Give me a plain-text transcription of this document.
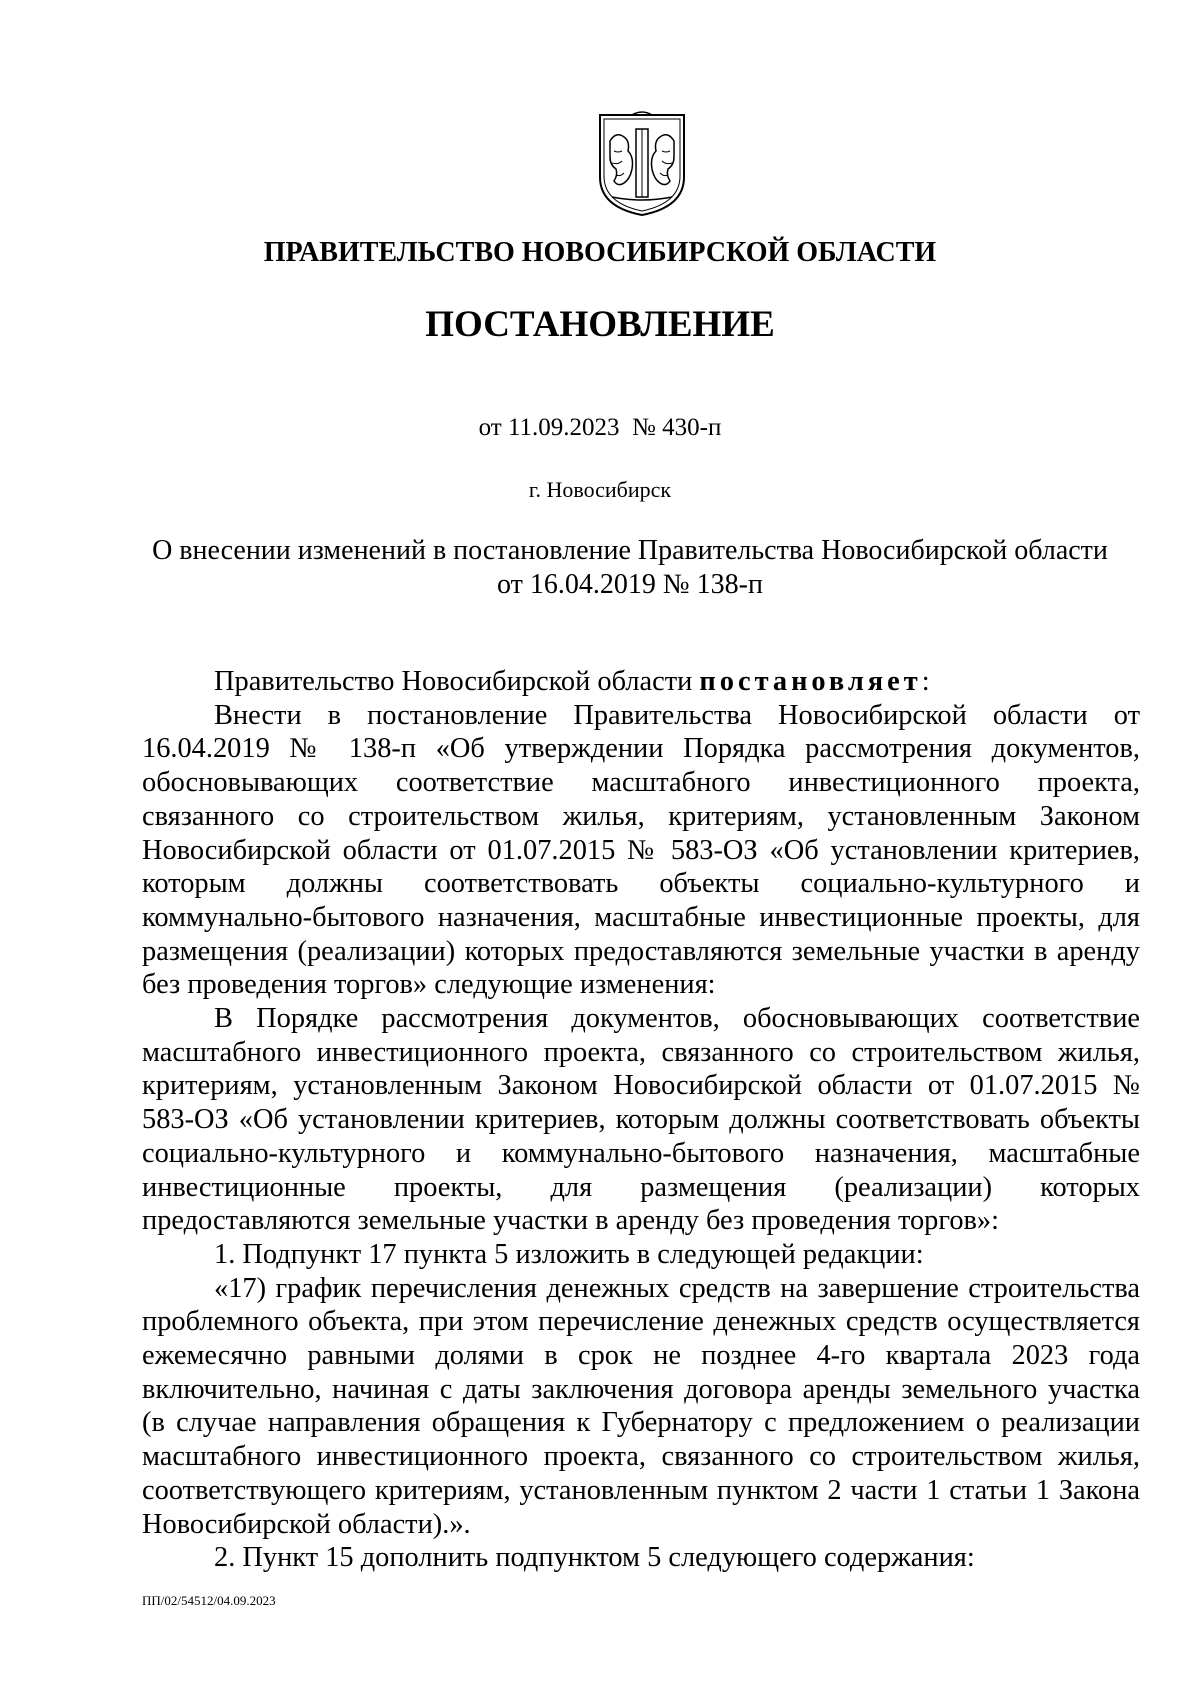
ПРАВИТЕЛЬСТВО НОВОСИБИРСКОЙ ОБЛАСТИ
ПОСТАНОВЛЕНИЕ
от 11.09.2023  № 430-п
г. Новосибирск
О внесении изменений в постановление Правительства Новосибирской области
от 16.04.2019 № 138-п

Правительство Новосибирской области постановляет:

Внести в постановление Правительства Новосибирской области от 16.04.2019 № 138-п «Об утверждении Порядка рассмотрения документов, обосновывающих соответствие масштабного инвестиционного проекта, связанного со строительством жилья, критериям, установленным Законом Новосибирской области от 01.07.2015 № 583-ОЗ «Об установлении критериев, которым должны соответствовать объекты социально-культурного и коммунально-бытового назначения, масштабные инвестиционные проекты, для размещения (реализации) которых предоставляются земельные участки в аренду без проведения торгов» следующие изменения:

В Порядке рассмотрения документов, обосновывающих соответствие масштабного инвестиционного проекта, связанного со строительством жилья, критериям, установленным Законом Новосибирской области от 01.07.2015 № 583-ОЗ «Об установлении критериев, которым должны соответствовать объекты социально-культурного и коммунально-бытового назначения, масштабные инвестиционные проекты, для размещения (реализации) которых предоставляются земельные участки в аренду без проведения торгов»:

1. Подпункт 17 пункта 5 изложить в следующей редакции:

«17) график перечисления денежных средств на завершение строительства проблемного объекта, при этом перечисление денежных средств осуществляется ежемесячно равными долями в срок не позднее 4-го квартала 2023 года включительно, начиная с даты заключения договора аренды земельного участка (в случае направления обращения к Губернатору с предложением о реализации масштабного инвестиционного проекта, связанного со строительством жилья, соответствующего критериям, установленным пунктом 2 части 1 статьи 1 Закона Новосибирской области).».

2. Пункт 15 дополнить подпунктом 5 следующего содержания:

ПП/02/54512/04.09.2023
